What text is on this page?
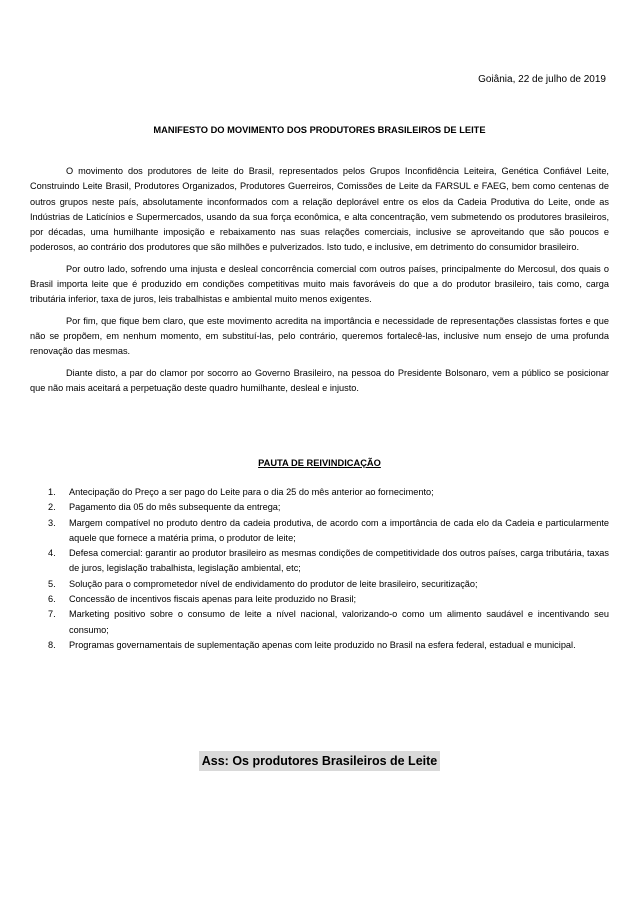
Goiânia, 22 de julho de 2019
MANIFESTO DO MOVIMENTO DOS PRODUTORES BRASILEIROS DE LEITE

O movimento dos produtores de leite do Brasil, representados pelos Grupos Inconfidência Leiteira, Genética Confiável Leite, Construindo Leite Brasil, Produtores Organizados, Produtores Guerreiros, Comissões de Leite da FARSUL e FAEG, bem como centenas de outros grupos neste país, absolutamente inconformados com a relação deplorável entre os elos da Cadeia Produtiva do Leite, onde as Indústrias de Laticínios e Supermercados, usando da sua força econômica, e alta concentração, vem submetendo os produtores brasileiros, por décadas, uma humilhante imposição e rebaixamento nas suas relações comerciais, inclusive se aproveitando que são poucos e poderosos, ao contrário dos produtores que são milhões e pulverizados. Isto tudo, e inclusive, em detrimento do consumidor brasileiro.

Por outro lado, sofrendo uma injusta e desleal concorrência comercial com outros países, principalmente do Mercosul, dos quais o Brasil importa leite que é produzido em condições competitivas muito mais favoráveis do que a do produtor brasileiro, tais como, carga tributária inferior, taxa de juros, leis trabalhistas e ambiental muito menos exigentes.

Por fim, que fique bem claro, que este movimento acredita na importância e necessidade de representações classistas fortes e que não se propõem, em nenhum momento, em substituí-las, pelo contrário, queremos fortalecê-las, inclusive num ensejo de uma profunda renovação das mesmas.

Diante disto, a par do clamor por socorro ao Governo Brasileiro, na pessoa do Presidente Bolsonaro, vem a público se posicionar que não mais aceitará a perpetuação deste quadro humilhante, desleal e injusto.

PAUTA DE REIVINDICAÇÃO
1. Antecipação do Preço a ser pago do Leite para o dia 25 do mês anterior ao fornecimento;
2. Pagamento dia 05 do mês subsequente da entrega;
3. Margem compatível no produto dentro da cadeia produtiva, de acordo com a importância de cada elo da Cadeia e particularmente aquele que fornece a matéria prima, o produtor de leite;
4. Defesa comercial: garantir ao produtor brasileiro as mesmas condições de competitividade dos outros países, carga tributária, taxas de juros, legislação trabalhista, legislação ambiental, etc;
5. Solução para o comprometedor nível de endividamento do produtor de leite brasileiro, securitização;
6. Concessão de incentivos fiscais apenas para leite produzido no Brasil;
7. Marketing positivo sobre o consumo de leite a nível nacional, valorizando-o como um alimento saudável e incentivando seu consumo;
8. Programas governamentais de suplementação apenas com leite produzido no Brasil na esfera federal, estadual e municipal.
Ass: Os produtores Brasileiros de Leite
